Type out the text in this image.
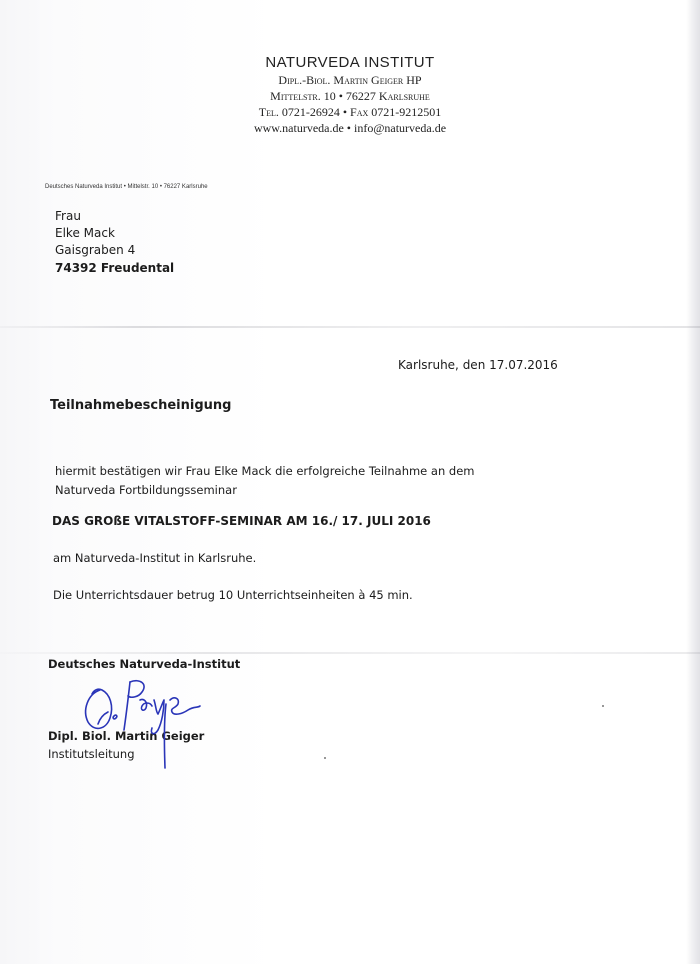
NATURVEDA INSTITUT
Dipl.-Biol. Martin Geiger HP
Mittelstr. 10 • 76227 Karlsruhe
Tel. 0721-26924 • Fax 0721-9212501
www.naturveda.de • info@naturveda.de
Deutsches Naturveda Institut • Mittelstr. 10 • 76227 Karlsruhe
Frau
Elke Mack
Gaisgraben 4
74392 Freudental
Karlsruhe, den 17.07.2016
Teilnahmebescheinigung
hiermit bestätigen wir Frau Elke Mack die erfolgreiche Teilnahme an dem
Naturveda Fortbildungsseminar
DAS GROßE VITALSTOFF-SEMINAR AM 16./ 17. JULI 2016
am Naturveda-Institut in Karlsruhe.
Die Unterrichtsdauer betrug 10 Unterrichtseinheiten à 45 min.
Deutsches Naturveda-Institut
Dipl. Biol. Martin Geiger
Institutsleitung
